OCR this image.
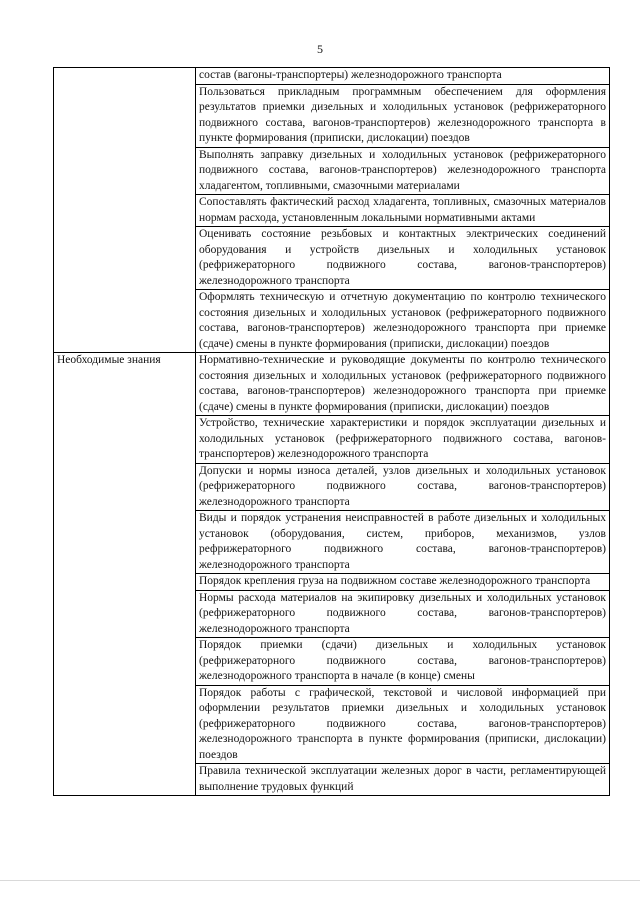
5
	состав (вагоны-транспортеры) железнодорожного транспорта
	Пользоваться прикладным программным обеспечением для оформления результатов приемки дизельных и холодильных установок (рефрижераторного подвижного состава, вагонов-транспортеров) железнодорожного транспорта в пункте формирования (приписки, дислокации) поездов
	Выполнять заправку дизельных и холодильных установок (рефрижераторного подвижного состава, вагонов-транспортеров) железнодорожного транспорта хладагентом, топливными, смазочными материалами
	Сопоставлять фактический расход хладагента, топливных, смазочных материалов нормам расхода, установленным локальными нормативными актами
	Оценивать состояние резьбовых и контактных электрических соединений оборудования и устройств дизельных и холодильных установок (рефрижераторного подвижного состава, вагонов-транспортеров) железнодорожного транспорта
	Оформлять техническую и отчетную документацию по контролю технического состояния дизельных и холодильных установок (рефрижераторного подвижного состава, вагонов-транспортеров) железнодорожного транспорта при приемке (сдаче) смены в пункте формирования (приписки, дислокации) поездов
Необходимые знания	Нормативно-технические и руководящие документы по контролю технического состояния дизельных и холодильных установок (рефрижераторного подвижного состава, вагонов-транспортеров) железнодорожного транспорта при приемке (сдаче) смены в пункте формирования (приписки, дислокации) поездов
	Устройство, технические характеристики и порядок эксплуатации дизельных и холодильных установок (рефрижераторного подвижного состава, вагонов-транспортеров) железнодорожного транспорта
	Допуски и нормы износа деталей, узлов дизельных и холодильных установок (рефрижераторного подвижного состава, вагонов-транспортеров) железнодорожного транспорта
	Виды и порядок устранения неисправностей в работе дизельных и холодильных установок (оборудования, систем, приборов, механизмов, узлов рефрижераторного подвижного состава, вагонов-транспортеров) железнодорожного транспорта
	Порядок крепления груза на подвижном составе железнодорожного транспорта
	Нормы расхода материалов на экипировку дизельных и холодильных установок (рефрижераторного подвижного состава, вагонов-транспортеров) железнодорожного транспорта
	Порядок приемки (сдачи) дизельных и холодильных установок (рефрижераторного подвижного состава, вагонов-транспортеров) железнодорожного транспорта в начале (в конце) смены
	Порядок работы с графической, текстовой и числовой информацией при оформлении результатов приемки дизельных и холодильных установок (рефрижераторного подвижного состава, вагонов-транспортеров) железнодорожного транспорта в пункте формирования (приписки, дислокации) поездов
	Правила технической эксплуатации железных дорог в части, регламентирующей выполнение трудовых функций
